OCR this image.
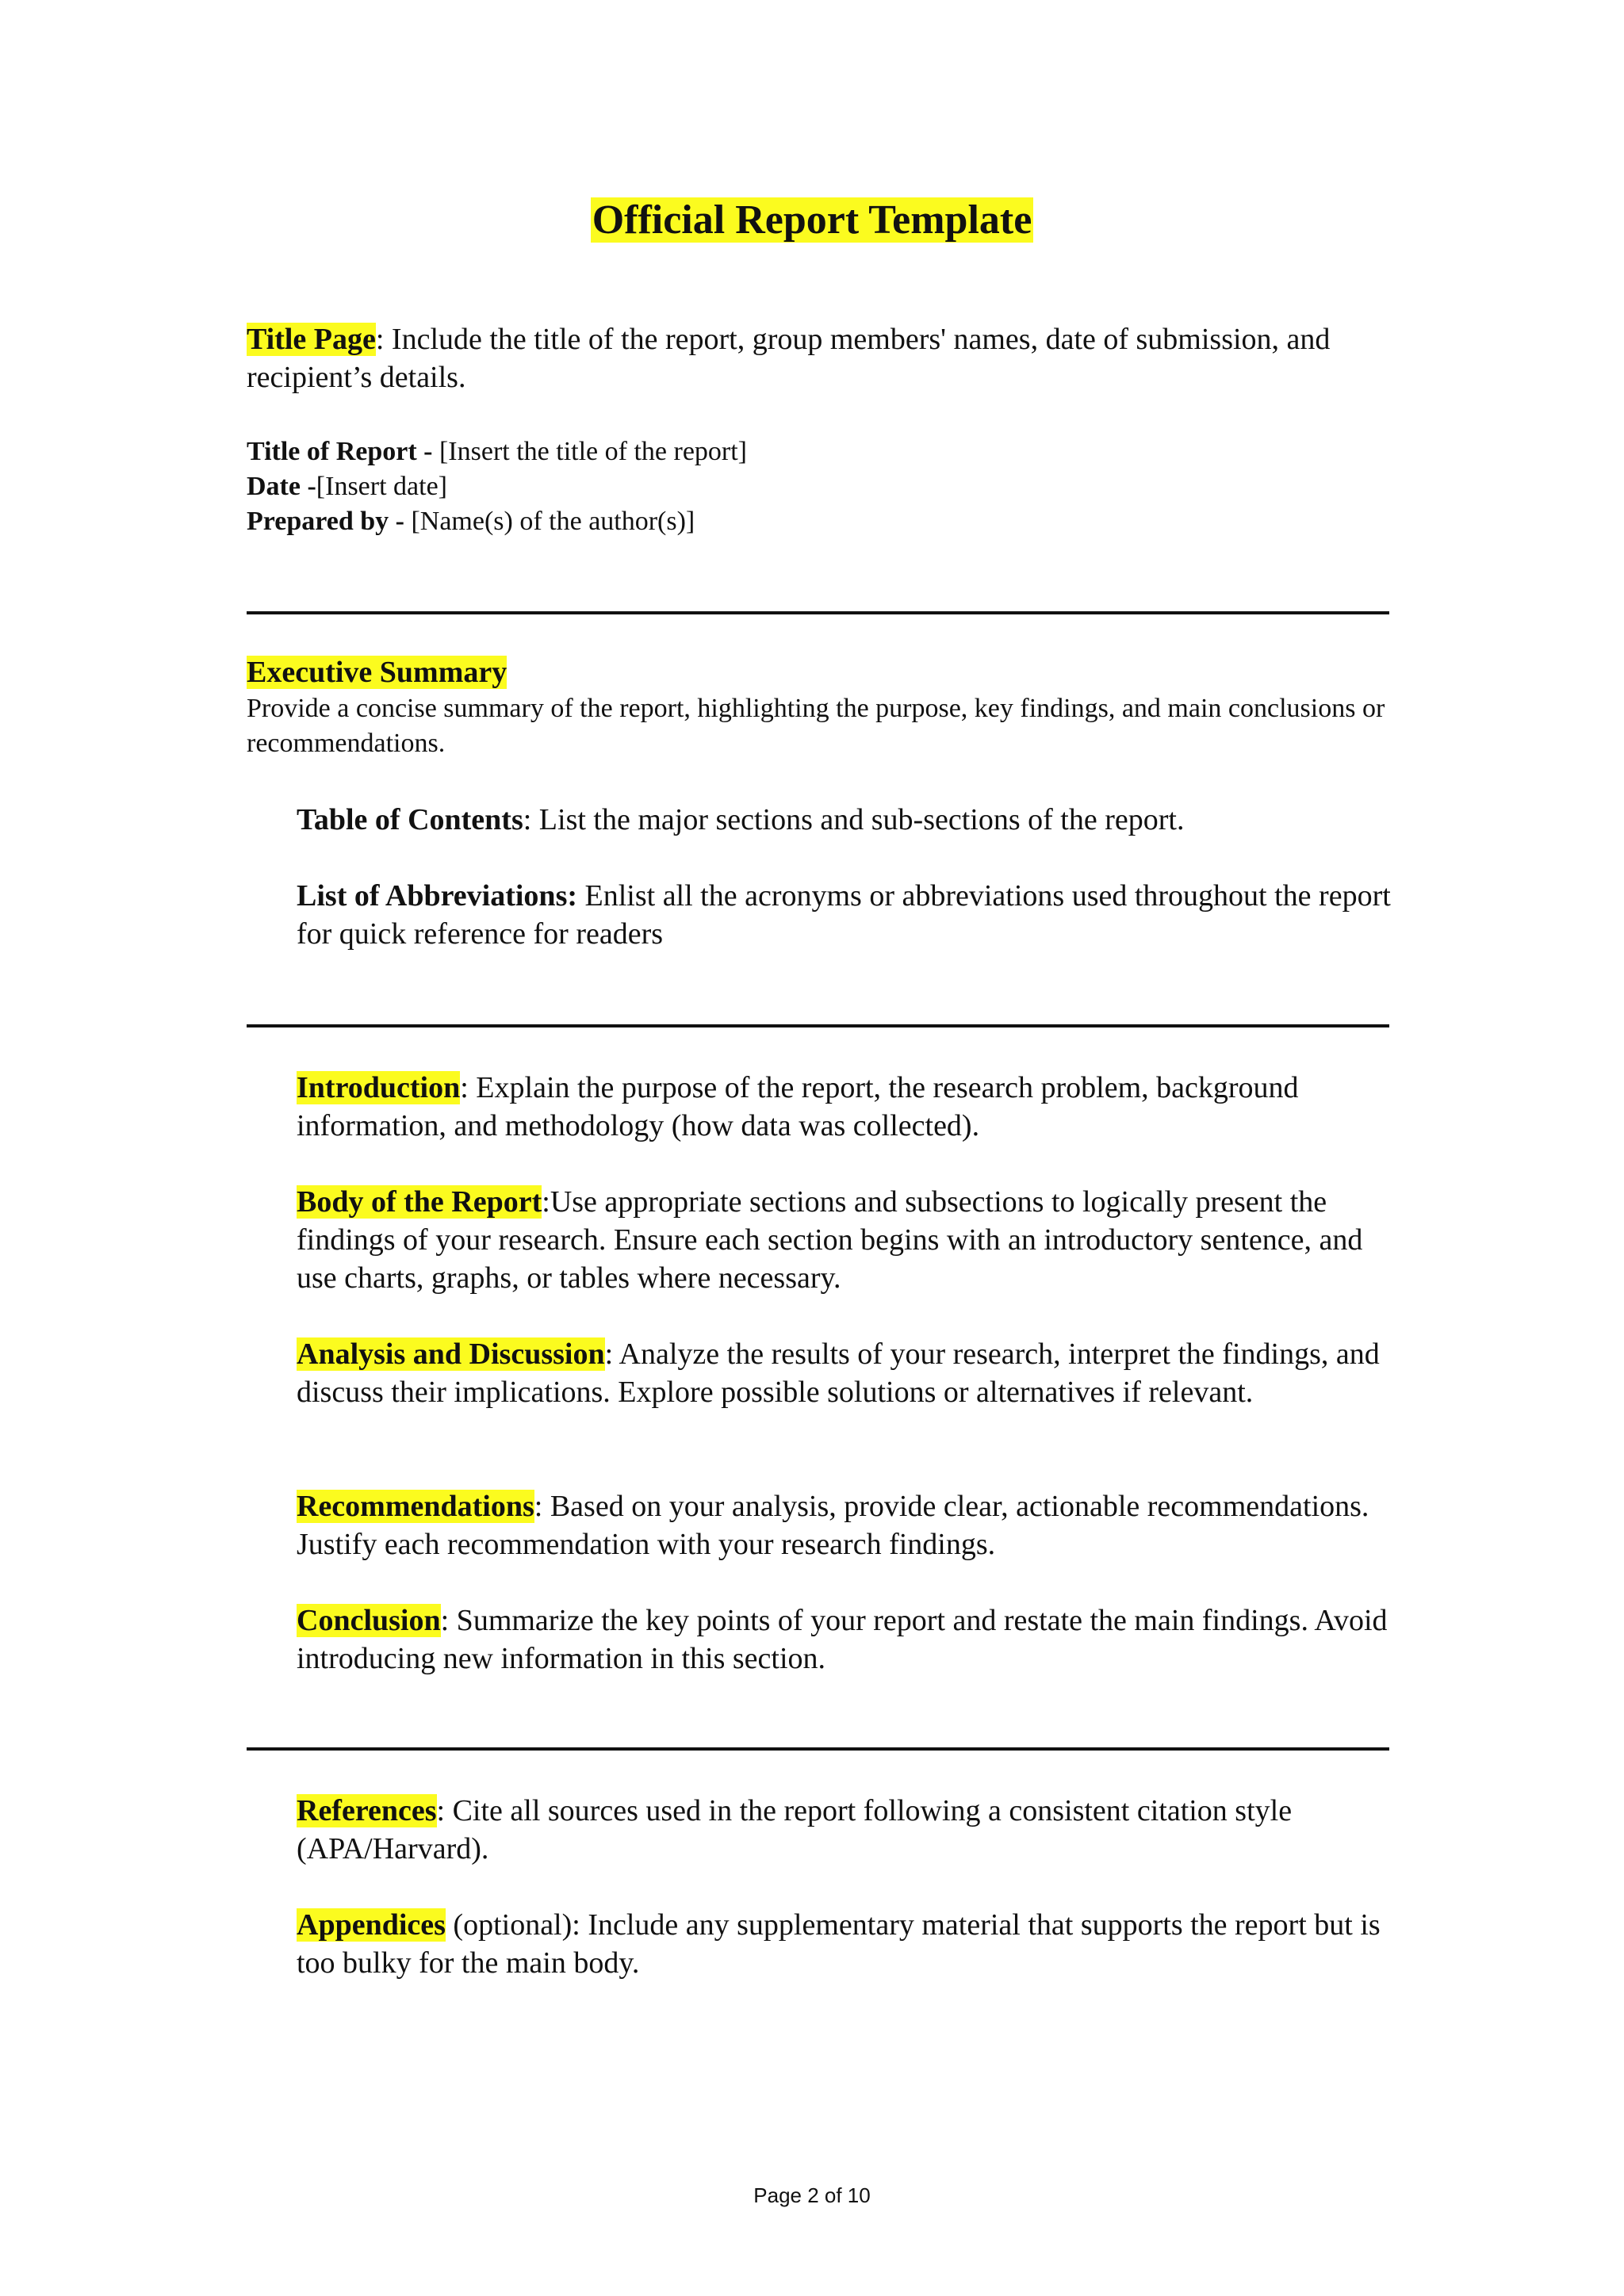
Official Report Template
Title Page: Include the title of the report, group members' names, date of submission, and recipient’s details.
Title of Report - [Insert the title of the report]
Date -[Insert date]
Prepared by - [Name(s) of the author(s)]
Executive Summary
Provide a concise summary of the report, highlighting the purpose, key findings, and main conclusions or recommendations.
Table of Contents: List the major sections and sub-sections of the report.
List of Abbreviations: Enlist all the acronyms or abbreviations used throughout the report for quick reference for readers
Introduction: Explain the purpose of the report, the research problem, background information, and methodology (how data was collected).
Body of the Report:Use appropriate sections and subsections to logically present the findings of your research. Ensure each section begins with an introductory sentence, and use charts, graphs, or tables where necessary.
Analysis and Discussion: Analyze the results of your research, interpret the findings, and discuss their implications. Explore possible solutions or alternatives if relevant.
Recommendations: Based on your analysis, provide clear, actionable recommendations. Justify each recommendation with your research findings.
Conclusion: Summarize the key points of your report and restate the main findings. Avoid introducing new information in this section.
References: Cite all sources used in the report following a consistent citation style (APA/Harvard).
Appendices (optional): Include any supplementary material that supports the report but is too bulky for the main body.
Page 2 of 10
